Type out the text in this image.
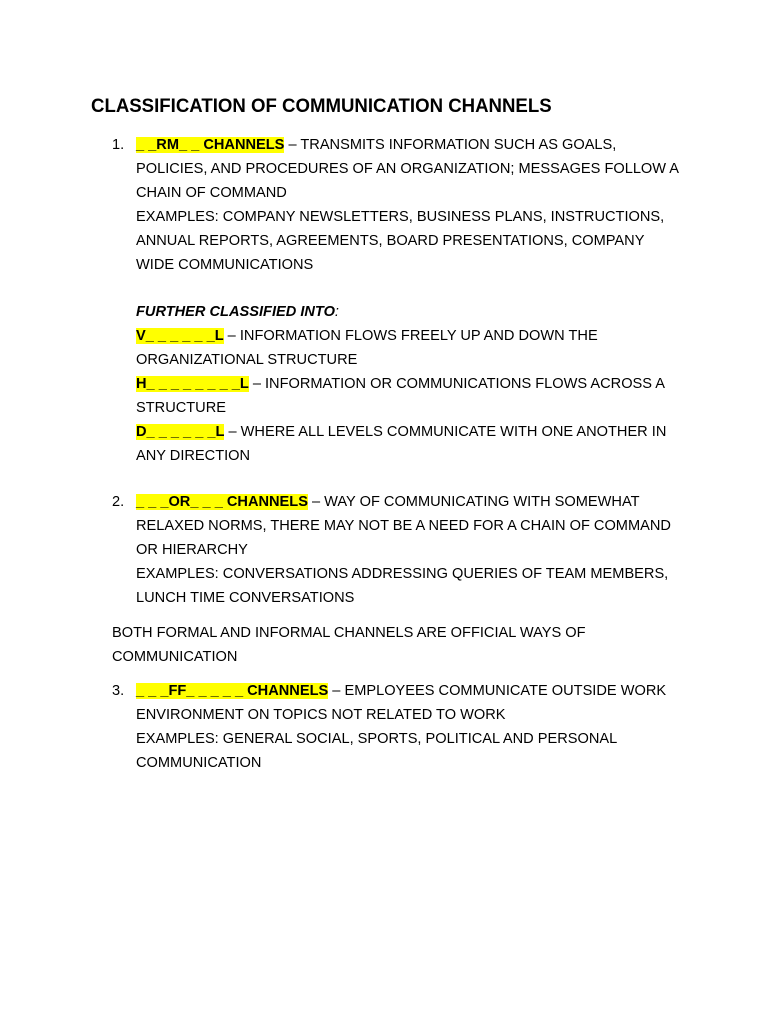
CLASSIFICATION OF COMMUNICATION CHANNELS
1. _ _RM_ _ CHANNELS – TRANSMITS INFORMATION SUCH AS GOALS,
POLICIES, AND PROCEDURES OF AN ORGANIZATION; MESSAGES FOLLOW A
CHAIN OF COMMAND
EXAMPLES: COMPANY NEWSLETTERS, BUSINESS PLANS, INSTRUCTIONS,
ANNUAL REPORTS, AGREEMENTS, BOARD PRESENTATIONS, COMPANY
WIDE COMMUNICATIONS
FURTHER CLASSIFIED INTO:
V_ _ _ _ _ _L – INFORMATION FLOWS FREELY UP AND DOWN THE
ORGANIZATIONAL STRUCTURE
H_ _ _ _ _ _ _ _L – INFORMATION OR COMMUNICATIONS FLOWS ACROSS A
STRUCTURE
D_ _ _ _ _ _L – WHERE ALL LEVELS COMMUNICATE WITH ONE ANOTHER IN
ANY DIRECTION
2. _ _ _OR_ _ _ CHANNELS – WAY OF COMMUNICATING WITH SOMEWHAT
RELAXED NORMS, THERE MAY NOT BE A NEED FOR A CHAIN OF COMMAND
OR HIERARCHY
EXAMPLES: CONVERSATIONS ADDRESSING QUERIES OF TEAM MEMBERS,
LUNCH TIME CONVERSATIONS
BOTH FORMAL AND INFORMAL CHANNELS ARE OFFICIAL WAYS OF
COMMUNICATION
3. _ _ _FF_ _ _ _ _ CHANNELS – EMPLOYEES COMMUNICATE OUTSIDE WORK
ENVIRONMENT ON TOPICS NOT RELATED TO WORK
EXAMPLES: GENERAL SOCIAL, SPORTS, POLITICAL AND PERSONAL
COMMUNICATION
